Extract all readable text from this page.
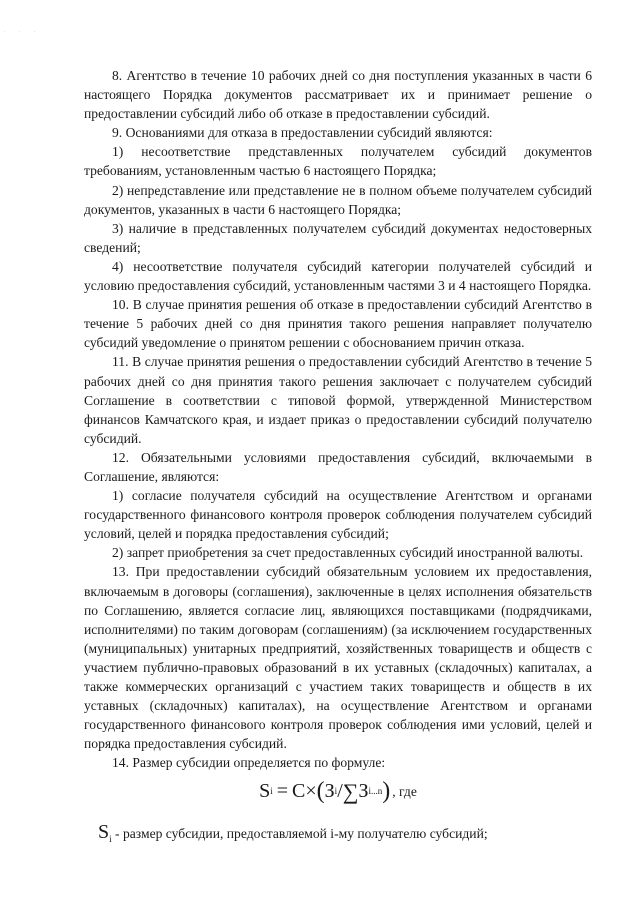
· · ·

8. Агентство в течение 10 рабочих дней со дня поступления указанных в части 6 настоящего Порядка документов рассматривает их и принимает решение о предоставлении субсидий либо об отказе в предоставлении субсидий.

9. Основаниями для отказа в предоставлении субсидий являются:

1) несоответствие представленных получателем субсидий документов требованиям, установленным частью 6 настоящего Порядка;

2) непредставление или представление не в полном объеме получателем субсидий документов, указанных в части 6 настоящего Порядка;

3) наличие в представленных получателем субсидий документах недостоверных сведений;

4) несоответствие получателя субсидий категории получателей субсидий и условию предоставления субсидий, установленным частями 3 и 4 настоящего Порядка.

10. В случае принятия решения об отказе в предоставлении субсидий Агентство в течение 5 рабочих дней со дня принятия такого решения направляет получателю субсидий уведомление о принятом решении с обоснованием причин отказа.

11. В случае принятия решения о предоставлении субсидий Агентство в течение 5 рабочих дней со дня принятия такого решения заключает с получателем субсидий Соглашение в соответствии с типовой формой, утвержденной Министерством финансов Камчатского края, и издает приказ о предоставлении субсидий получателю субсидий.

12. Обязательными условиями предоставления субсидий, включаемыми в Соглашение, являются:

1) согласие получателя субсидий на осуществление Агентством и органами государственного финансового контроля проверок соблюдения получателем субсидий условий, целей и порядка предоставления субсидий;

2) запрет приобретения за счет предоставленных субсидий иностранной валюты.

13. При предоставлении субсидий обязательным условием их предоставления, включаемым в договоры (соглашения), заключенные в целях исполнения обязательств по Соглашению, является согласие лиц, являющихся поставщиками (подрядчиками, исполнителями) по таким договорам (соглашениям) (за исключением государственных (муниципальных) унитарных предприятий, хозяйственных товариществ и обществ с участием публично-правовых образований в их уставных (складочных) капиталах, а также коммерческих организаций с участием таких товариществ и обществ в их уставных (складочных) капиталах), на осуществление Агентством и органами государственного финансового контроля проверок соблюдения ими условий, целей и порядка предоставления субсидий.

14. Размер субсидии определяется по формуле:

S i = C× ( З i / ∑ З i...n ) , где
$S_i$ - размер субсидии, предоставляемой i-му получателю субсидий;
